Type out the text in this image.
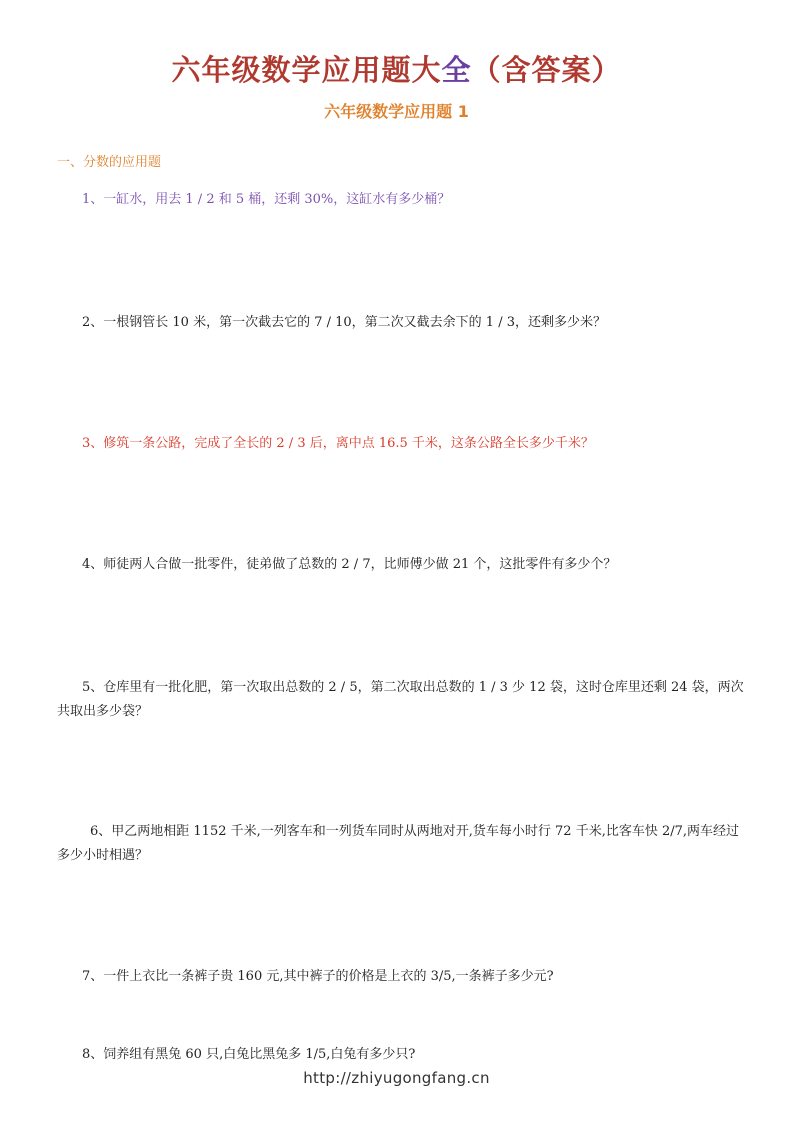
六年级数学应用题大全（含答案）
六年级数学应用题 1
一、分数的应用题
1、一缸水，用去 1 / 2 和 5 桶，还剩 30%，这缸水有多少桶？
2、一根钢管长 10 米，第一次截去它的 7 / 10，第二次又截去余下的 1 / 3，还剩多少米？
3、修筑一条公路，完成了全长的 2 / 3 后，离中点 16.5 千米，这条公路全长多少千米？
4、师徒两人合做一批零件，徒弟做了总数的 2 / 7，比师傅少做 21 个，这批零件有多少个？
5、仓库里有一批化肥，第一次取出总数的 2 / 5，第二次取出总数的 1 / 3 少 12 袋，这时仓库里还剩 24 袋，两次共取出多少袋？
6、甲乙两地相距 1152 千米,一列客车和一列货车同时从两地对开,货车每小时行 72 千米,比客车快 2/7,两车经过多少小时相遇？
7、一件上衣比一条裤子贵 160 元,其中裤子的价格是上衣的 3/5,一条裤子多少元?
8、饲养组有黑兔 60 只,白兔比黑兔多 1/5,白兔有多少只?
http://zhiyugongfang.cn
